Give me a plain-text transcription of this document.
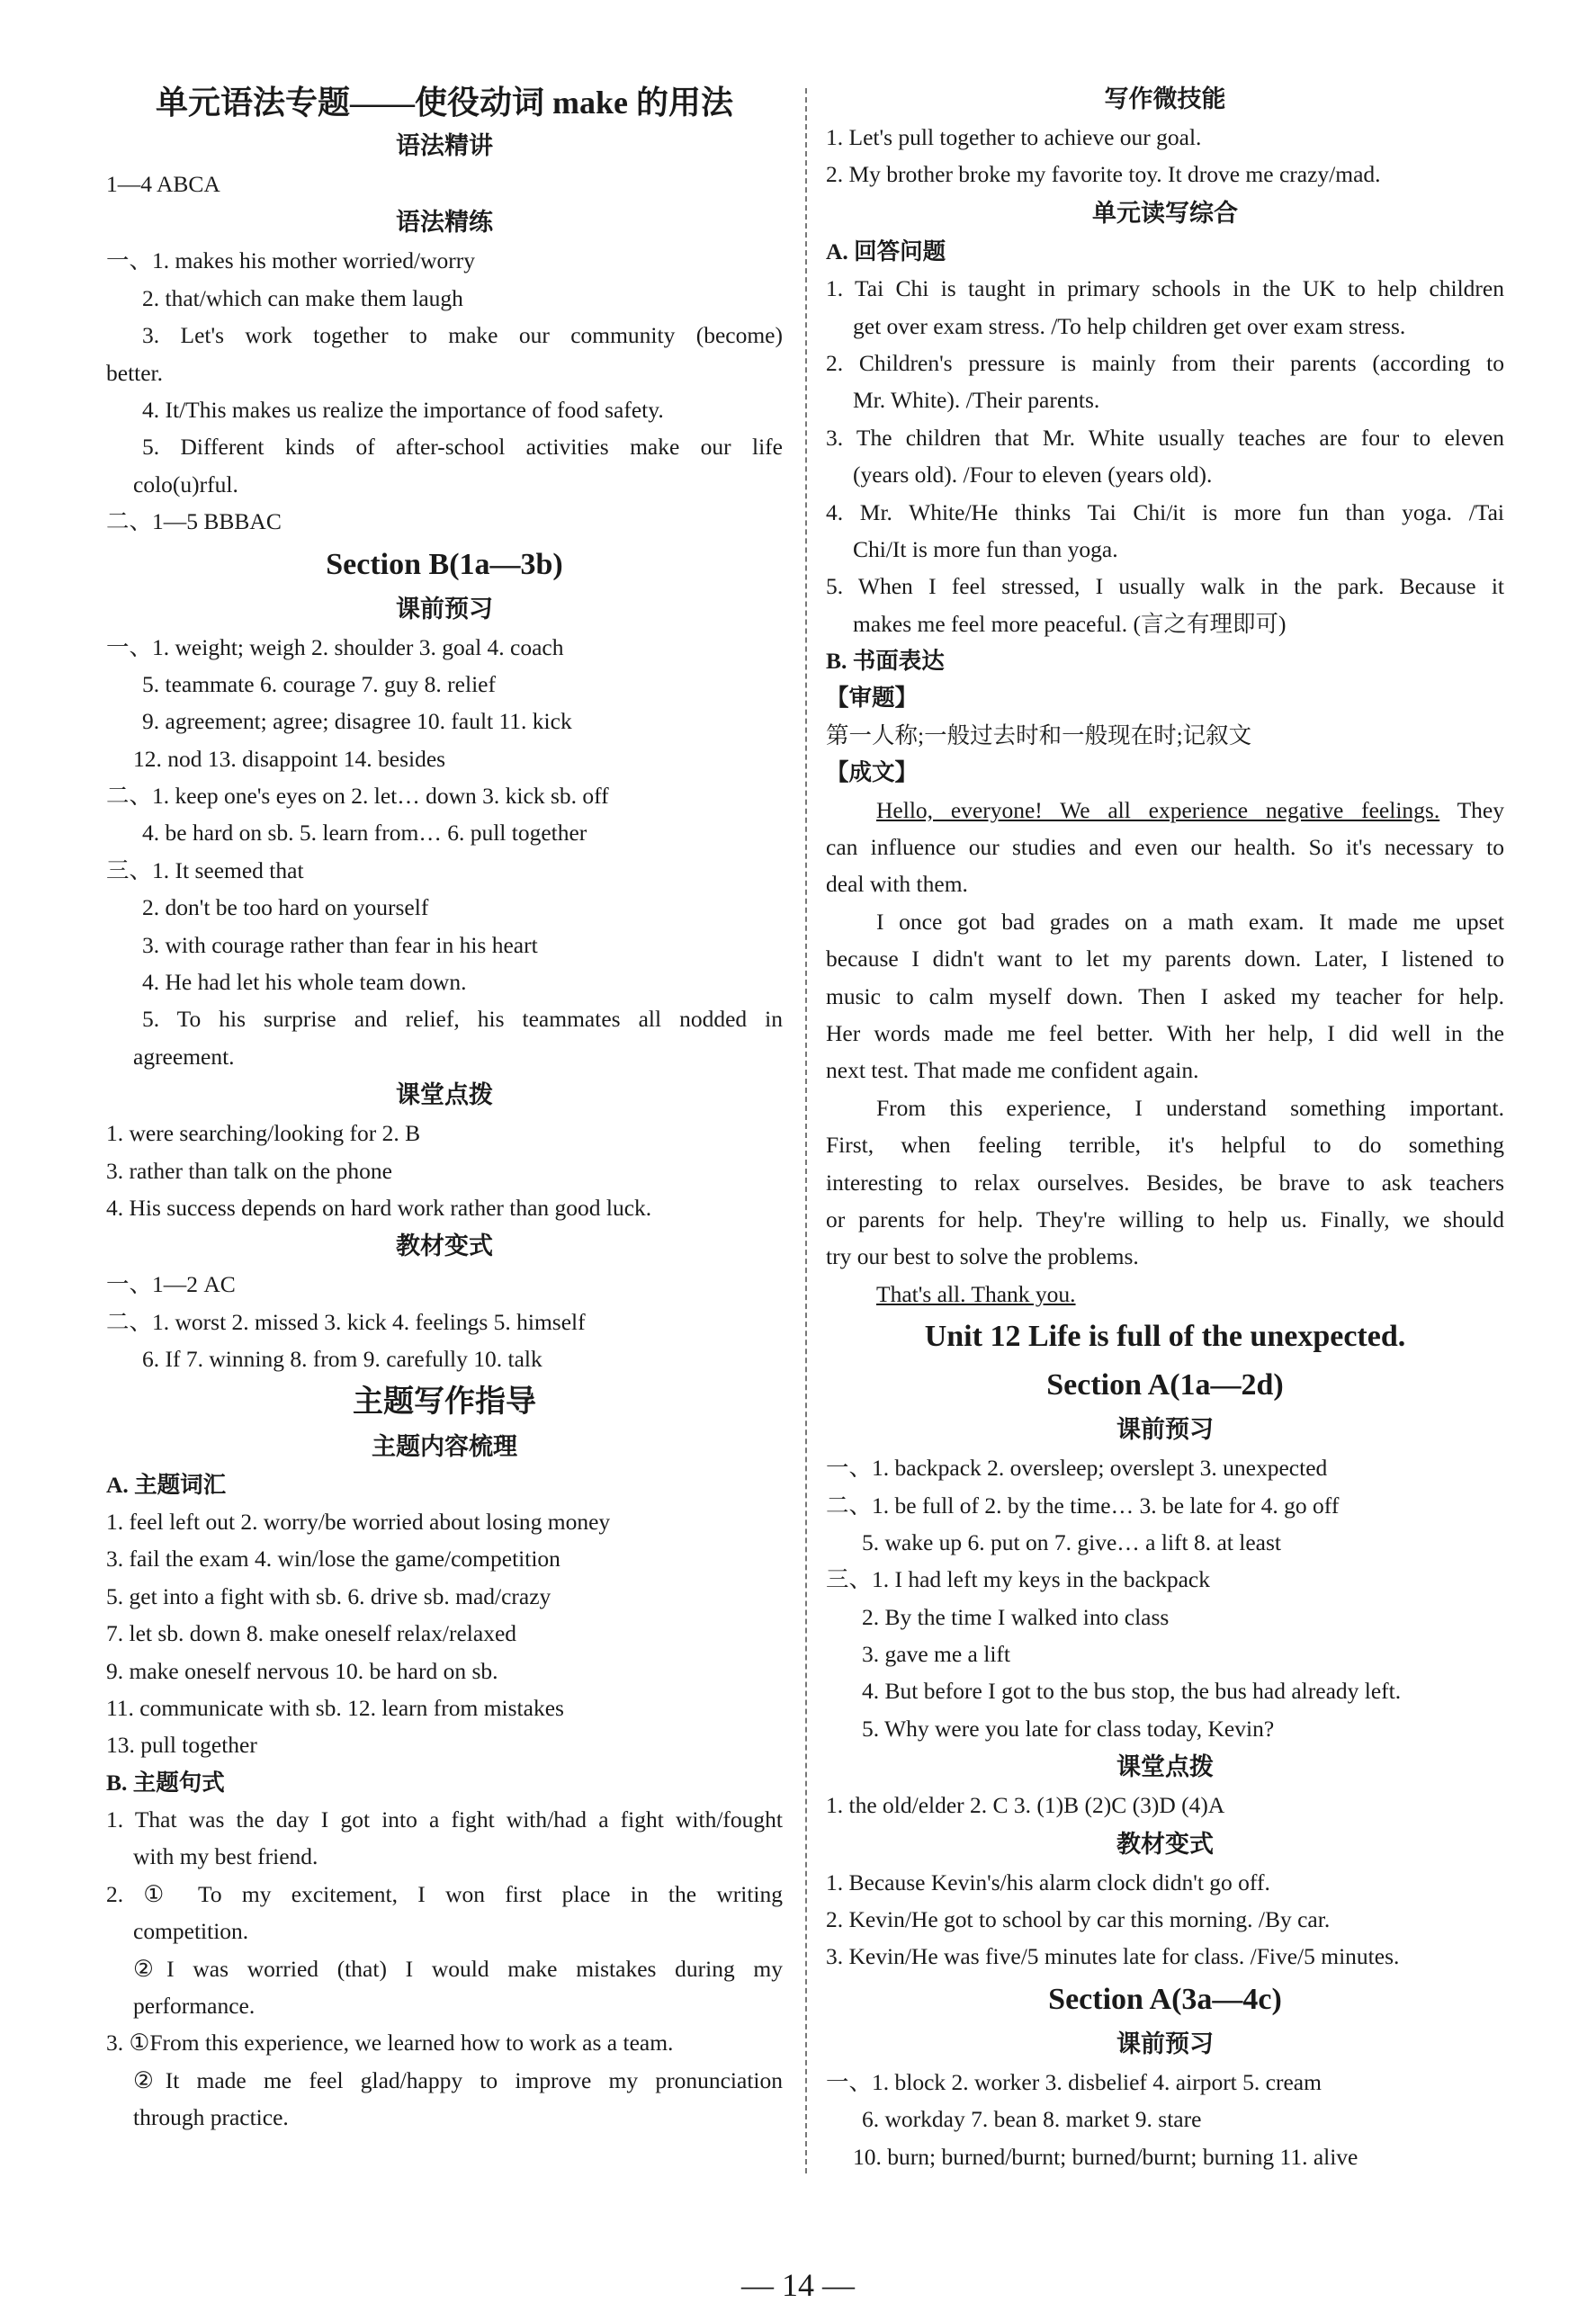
单元语法专题——使役动词 make 的用法
语法精讲
1—4 ABCA
语法精练
一、1. makes his mother worried/worry
2. that/which can make them laugh
3. Let's work together to make our community (become)
better.
4. It/This makes us realize the importance of food safety.
5. Different kinds of after-school activities make our life
colo(u)rful.
二、1—5 BBBAC
Section B(1a—3b)
课前预习
一、1. weight; weigh 2. shoulder 3. goal 4. coach
5. teammate 6. courage 7. guy 8. relief
9. agreement; agree; disagree 10. fault 11. kick
12. nod 13. disappoint 14. besides
二、1. keep one's eyes on 2. let… down 3. kick sb. off
4. be hard on sb. 5. learn from… 6. pull together
三、1. It seemed that
2. don't be too hard on yourself
3. with courage rather than fear in his heart
4. He had let his whole team down.
5. To his surprise and relief, his teammates all nodded in
agreement.
课堂点拨
1. were searching/looking for 2. B
3. rather than talk on the phone
4. His success depends on hard work rather than good luck.
教材变式
一、1—2 AC
二、1. worst 2. missed 3. kick 4. feelings 5. himself
6. If 7. winning 8. from 9. carefully 10. talk
主题写作指导
主题内容梳理
A. 主题词汇
1. feel left out 2. worry/be worried about losing money
3. fail the exam 4. win/lose the game/competition
5. get into a fight with sb. 6. drive sb. mad/crazy
7. let sb. down 8. make oneself relax/relaxed
9. make oneself nervous 10. be hard on sb.
11. communicate with sb. 12. learn from mistakes
13. pull together
B. 主题句式
1. That was the day I got into a fight with/had a fight with/fought
with my best friend.
2. ① To my excitement, I won first place in the writing
competition.
②I was worried (that) I would make mistakes during my
performance.
3. ①From this experience, we learned how to work as a team.
②It made me feel glad/happy to improve my pronunciation
through practice.
写作微技能
1. Let's pull together to achieve our goal.
2. My brother broke my favorite toy. It drove me crazy/mad.
单元读写综合
A. 回答问题
1. Tai Chi is taught in primary schools in the UK to help children
get over exam stress. /To help children get over exam stress.
2. Children's pressure is mainly from their parents (according to
Mr. White). /Their parents.
3. The children that Mr. White usually teaches are four to eleven
(years old). /Four to eleven (years old).
4. Mr. White/He thinks Tai Chi/it is more fun than yoga. /Tai
Chi/It is more fun than yoga.
5. When I feel stressed, I usually walk in the park. Because it
makes me feel more peaceful. (言之有理即可)
B. 书面表达
【审题】
第一人称;一般过去时和一般现在时;记叙文
【成文】
Hello, everyone! We all experience negative feelings. They
can influence our studies and even our health. So it's necessary to
deal with them.
I once got bad grades on a math exam. It made me upset
because I didn't want to let my parents down. Later, I listened to
music to calm myself down. Then I asked my teacher for help.
Her words made me feel better. With her help, I did well in the
next test. That made me confident again.
From this experience, I understand something important.
First, when feeling terrible, it's helpful to do something
interesting to relax ourselves. Besides, be brave to ask teachers
or parents for help. They're willing to help us. Finally, we should
try our best to solve the problems.
That's all. Thank you.
Unit 12 Life is full of the unexpected.
Section A(1a—2d)
课前预习
一、1. backpack 2. oversleep; overslept 3. unexpected
二、1. be full of 2. by the time… 3. be late for 4. go off
5. wake up 6. put on 7. give… a lift 8. at least
三、1. I had left my keys in the backpack
2. By the time I walked into class
3. gave me a lift
4. But before I got to the bus stop, the bus had already left.
5. Why were you late for class today, Kevin?
课堂点拨
1. the old/elder 2. C 3. (1)B (2)C (3)D (4)A
教材变式
1. Because Kevin's/his alarm clock didn't go off.
2. Kevin/He got to school by car this morning. /By car.
3. Kevin/He was five/5 minutes late for class. /Five/5 minutes.
Section A(3a—4c)
课前预习
一、1. block 2. worker 3. disbelief 4. airport 5. cream
6. workday 7. bean 8. market 9. stare
10. burn; burned/burnt; burned/burnt; burning 11. alive
— 14 —
